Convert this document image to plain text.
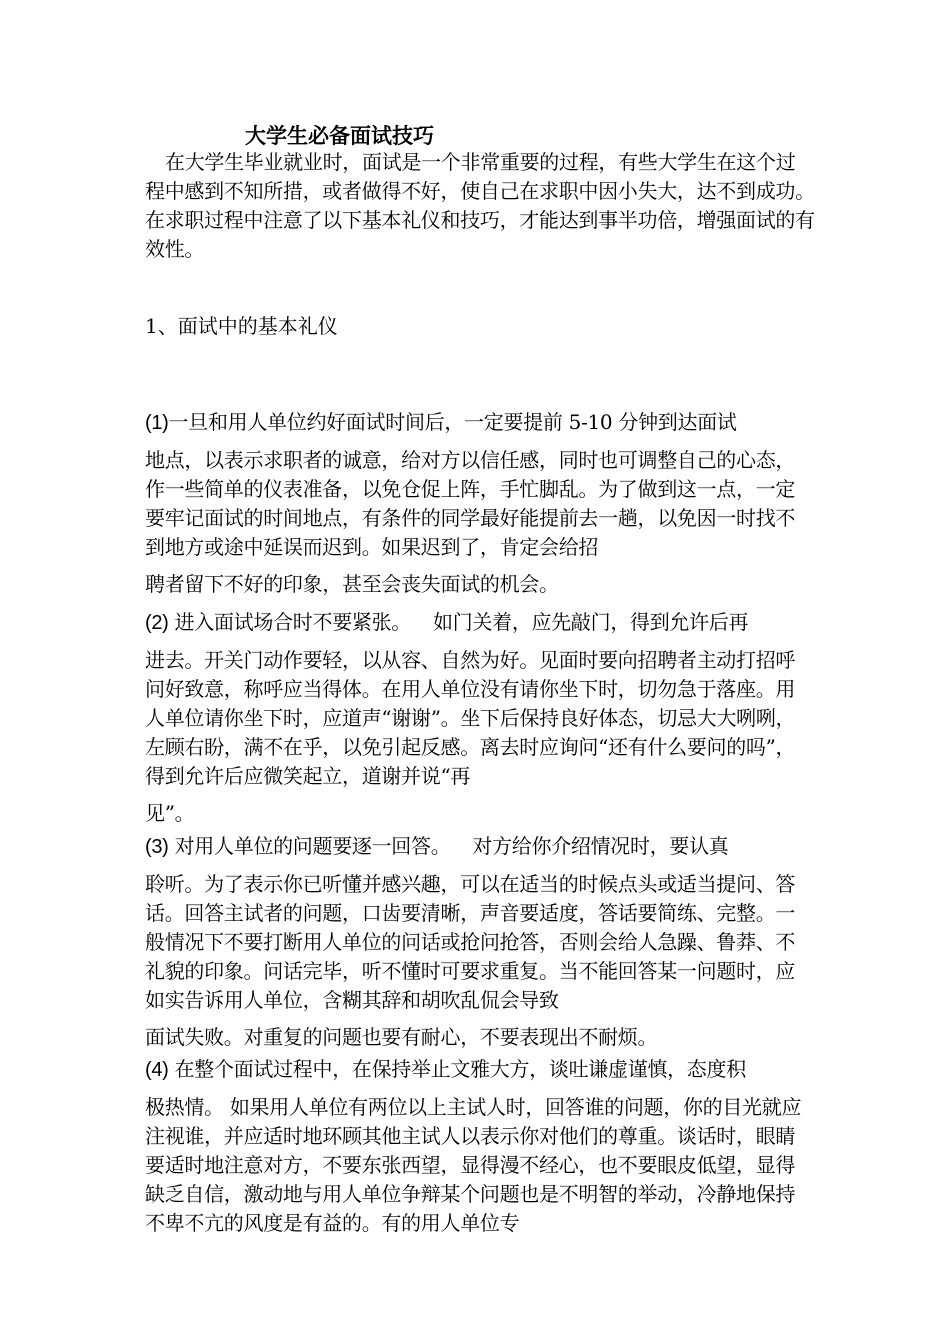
大学生必备面试技巧

在大学生毕业就业时，面试是一个非常重要的过程，有些大学生在这个过程中感到不知所措，或者做得不好，使自己在求职中因小失大，达不到成功。在求职过程中注意了以下基本礼仪和技巧，才能达到事半功倍，增强面试的有效性。

1、面试中的基本礼仪
(1)一旦和用人单位约好面试时间后，一定要提前 5-10 分钟到达面试
地点，以表示求职者的诚意，给对方以信任感，同时也可调整自己的心态，作一些简单的仪表准备，以免仓促上阵，手忙脚乱。为了做到这一点，一定要牢记面试的时间地点，有条件的同学最好能提前去一趟，以免因一时找不到地方或途中延误而迟到。如果迟到了，肯定会给招
聘者留下不好的印象，甚至会丧失面试的机会。
(2) 进入面试场合时不要紧张。 如门关着，应先敲门，得到允许后再
进去。开关门动作要轻，以从容、自然为好。见面时要向招聘者主动打招呼问好致意，称呼应当得体。在用人单位没有请你坐下时，切勿急于落座。用人单位请你坐下时，应道声“谢谢”。坐下后保持良好体态，切忌大大咧咧，左顾右盼，满不在乎，以免引起反感。离去时应询问“还有什么要问的吗”，得到允许后应微笑起立，道谢并说“再
见”。
(3) 对用人单位的问题要逐一回答。 对方给你介绍情况时，要认真
聆听。为了表示你已听懂并感兴趣，可以在适当的时候点头或适当提问、答话。回答主试者的问题，口齿要清晰，声音要适度，答话要简练、完整。一般情况下不要打断用人单位的问话或抢问抢答，否则会给人急躁、鲁莽、不礼貌的印象。问话完毕，听不懂时可要求重复。当不能回答某一问题时，应如实告诉用人单位，含糊其辞和胡吹乱侃会导致
面试失败。对重复的问题也要有耐心，不要表现出不耐烦。
(4) 在整个面试过程中，在保持举止文雅大方，谈吐谦虚谨慎，态度积
极热情。 如果用人单位有两位以上主试人时，回答谁的问题，你的目光就应注视谁，并应适时地环顾其他主试人以表示你对他们的尊重。谈话时，眼睛要适时地注意对方，不要东张西望，显得漫不经心，也不要眼皮低望，显得缺乏自信，激动地与用人单位争辩某个问题也是不明智的举动，冷静地保持不卑不亢的风度是有益的。有的用人单位专
